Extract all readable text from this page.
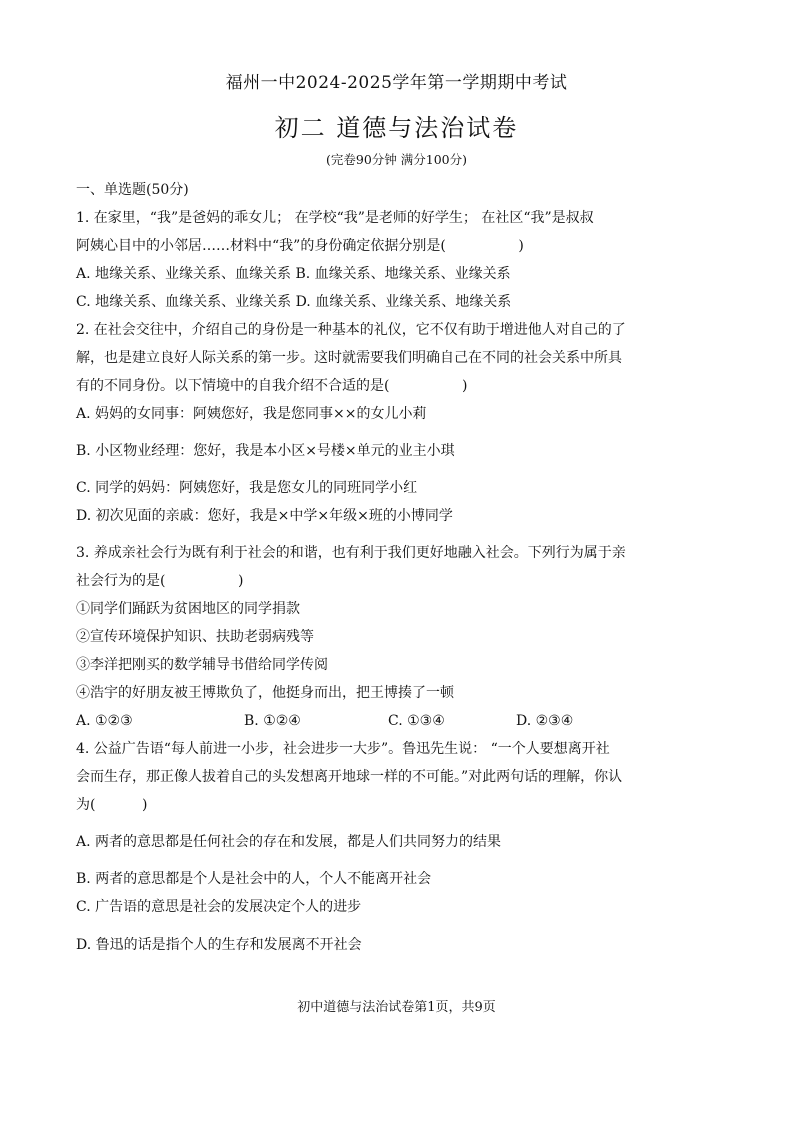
福州一中2024-2025学年第一学期期中考试
初二 道德与法治试卷
(完卷90分钟 满分100分)
一、单选题(50分)
1. 在家里，“我”是爸妈的乖女儿； 在学校“我”是老师的好学生； 在社区“我”是叔叔
阿姨心目中的小邻居……材料中“我”的身份确定依据分别是(	)
A. 地缘关系、业缘关系、血缘关系 B. 血缘关系、地缘关系、业缘关系
C. 地缘关系、血缘关系、业缘关系 D. 血缘关系、业缘关系、地缘关系
2. 在社会交往中，介绍自己的身份是一种基本的礼仪，它不仅有助于增进他人对自己的了
解，也是建立良好人际关系的第一步。这时就需要我们明确自己在不同的社会关系中所具
有的不同身份。以下情境中的自我介绍不合适的是(	)
A. 妈妈的女同事：阿姨您好，我是您同事××的女儿小莉
B. 小区物业经理：您好，我是本小区×号楼×单元的业主小琪
C. 同学的妈妈：阿姨您好，我是您女儿的同班同学小红
D. 初次见面的亲戚：您好，我是×中学×年级×班的小博同学
3. 养成亲社会行为既有利于社会的和谐，也有利于我们更好地融入社会。下列行为属于亲
社会行为的是(	)
①同学们踊跃为贫困地区的同学捐款
②宣传环境保护知识、扶助老弱病残等
③李洋把刚买的数学辅导书借给同学传阅
④浩宇的好朋友被王博欺负了，他挺身而出，把王博揍了一顿
A. ①②③	B. ①②④	C. ①③④	D. ②③④
4. 公益广告语“每人前进一小步，社会进步一大步”。鲁迅先生说： “一个人要想离开社
会而生存，那正像人拔着自己的头发想离开地球一样的不可能。”对此两句话的理解，你认
为(	)
A. 两者的意思都是任何社会的存在和发展，都是人们共同努力的结果
B. 两者的意思都是个人是社会中的人，个人不能离开社会
C. 广告语的意思是社会的发展决定个人的进步
D. 鲁迅的话是指个人的生存和发展离不开社会
初中道德与法治试卷第1页，共9页
